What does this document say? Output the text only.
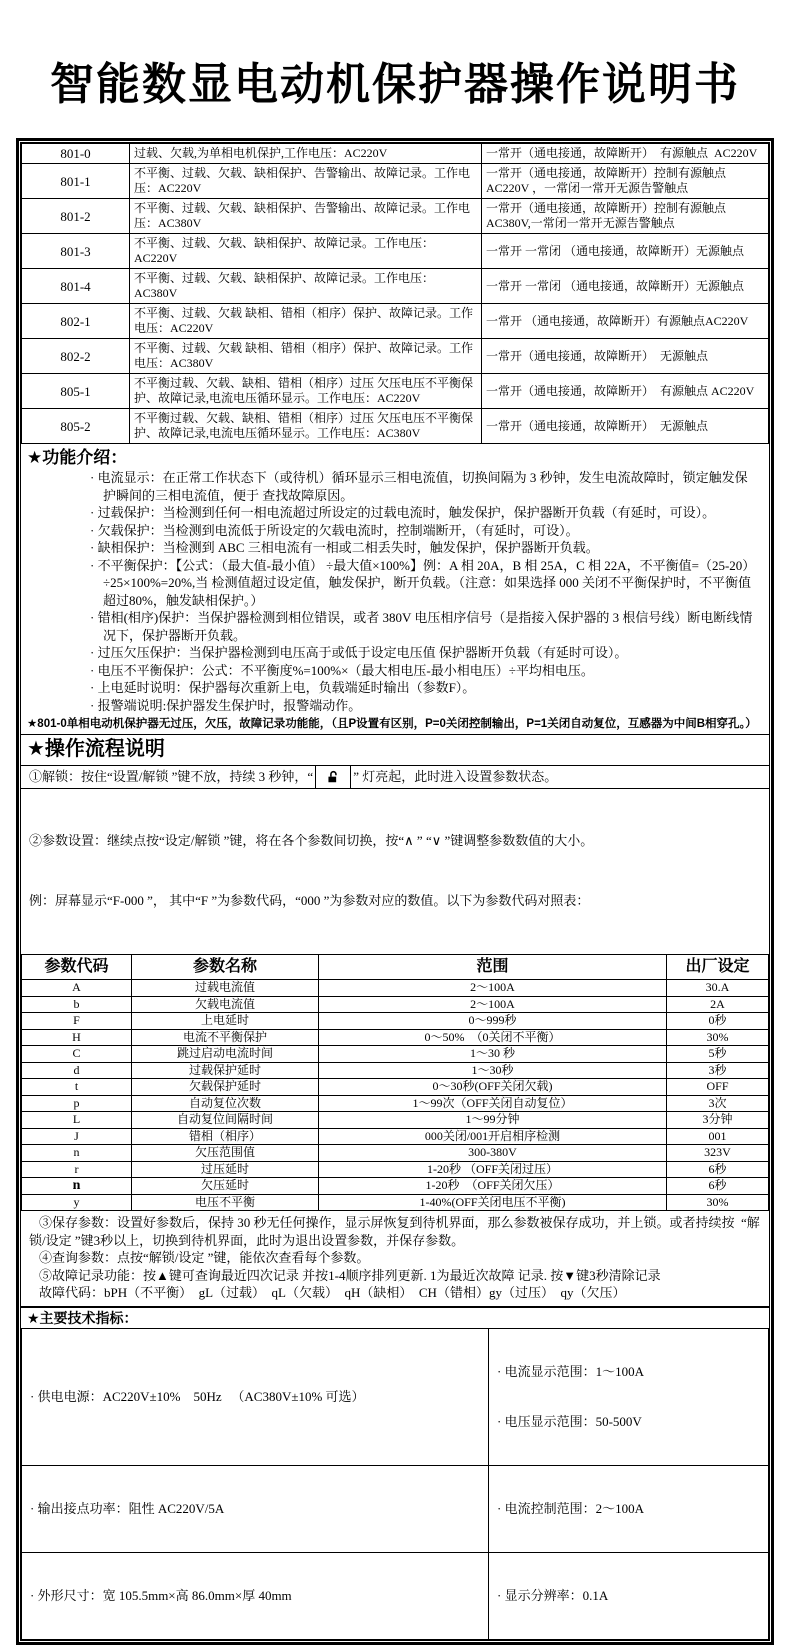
智能数显电动机保护器操作说明书
801-0	过载、欠载,为单相电机保护,工作电压：AC220V	一常开（通电接通，故障断开）  有源触点  AC220V
801-1	不平衡、过载、欠载、缺相保护、告警输出、故障记录。工作电压：AC220V	一常开（通电接通，故障断开）控制有源触点 AC220V ，一常闭一常开无源告警触点
801-2	不平衡、过载、欠载、缺相保护、告警输出、故障记录。工作电压：AC380V	一常开（通电接通，故障断开）控制有源触点 AC380V,一常闭一常开无源告警触点
801-3	不平衡、过载、欠载、缺相保护、故障记录。工作电压：AC220V	一常开 一常闭 （通电接通，故障断开）无源触点
801-4	不平衡、过载、欠载、缺相保护、故障记录。工作电压：AC380V	一常开 一常闭 （通电接通，故障断开）无源触点
802-1	不平衡、过载、欠载 缺相、错相（相序）保护、故障记录。工作电压：AC220V	一常开 （通电接通，故障断开）有源触点AC220V
802-2	不平衡、过载、欠载 缺相、错相（相序）保护、故障记录。工作电压：AC380V	一常开（通电接通，故障断开）  无源触点
805-1	不平衡过载、欠载、缺相、错相（相序）过压 欠压电压不平衡保护、故障记录,电流电压循环显示。工作电压：AC220V	一常开（通电接通，故障断开）  有源触点 AC220V
805-2	不平衡过载、欠载、缺相、错相（相序）过压 欠压电压不平衡保护、故障记录,电流电压循环显示。工作电压：AC380V	一常开（通电接通，故障断开）  无源触点
★功能介绍：
· 电流显示：在正常工作状态下（或待机）循环显示三相电流值，切换间隔为 3 秒钟，发生电流故障时，锁定触发保护瞬间的三相电流值，便于 查找故障原因。
· 过载保护：当检测到任何一相电流超过所设定的过载电流时，触发保护，保护器断开负载（有延时，可设）。
· 欠载保护：当检测到电流低于所设定的欠载电流时，控制端断开，（有延时，可设）。
· 缺相保护：当检测到 ABC 三相电流有一相或二相丢失时，触发保护，保护器断开负载。
· 不平衡保护：【公式：（最大值-最小值） ÷最大值×100%】例：A 相 20A，B 相 25A，C 相 22A，不平衡值=（25-20）÷25×100%=20%,当 检测值超过设定值，触发保护，断开负载。（注意：如果选择 000 关闭不平衡保护时，不平衡值超过80%，触发缺相保护。）
· 错相(相序)保护：当保护器检测到相位错误，或者 380V 电压相序信号（是指接入保护器的 3 根信号线）断电断线情况下，保护器断开负载。
· 过压欠压保护：当保护器检测到电压高于或低于设定电压值 保护器断开负载（有延时可设）。
· 电压不平衡保护：公式：不平衡度%=100%×（最大相电压-最小相电压）÷平均相电压。
· 上电延时说明：保护器每次重新上电，负载端延时输出（参数F）。
· 报警端说明:保护器发生保护时，报警端动作。
★801-0单相电动机保护器无过压，欠压，故障记录功能能，（且P设置有区别，P=0关闭控制输出，P=1关闭自动复位，互感器为中间B相穿孔。）
★操作流程说明
①解锁：按住“设置/解锁 ”键不放，持续 3 秒钟，“	” 灯亮起，此时进入设置参数状态。

②参数设置：继续点按“设定/解锁 ”键，将在各个参数间切换，按“∧ ” “∨ ”键调整参数数值的大小。

例：屏幕显示“F-000 ”， 其中“F ”为参数代码，“000 ”为参数对应的数值。以下为参数代码对照表：

参数代码	参数名称	范围	出厂设定
A	过载电流值	2～100A	30.A
b	欠载电流值	2～100A	2A
F	上电延时	0～999秒	0秒
H	电流不平衡保护	0～50%  （0关闭不平衡）	30%
C	跳过启动电流时间	1～30 秒	5秒
d	过载保护延时	1～30秒	3秒
t	欠载保护延时	0～30秒(OFF关闭欠载)	OFF
p	自动复位次数	1～99次（OFF关闭自动复位）	3次
L	自动复位间隔时间	1～99分钟	3分钟
J	错相（相序）	000关闭/001开启相序检测	001
n	欠压范围值	300-380V	323V
r	过压延时	1-20秒 （OFF关闭过压）	6秒
n	欠压延时	1-20秒  （OFF关闭欠压）	6秒
y	电压不平衡	1-40%(OFF关闭电压不平衡)	30%
③保存参数：设置好参数后，保持 30 秒无任何操作，显示屏恢复到待机界面，那么参数被保存成功，并上锁。或者持续按  “解锁/设定 ”键3秒以上，切换到待机界面，此时为退出设置参数，并保存参数。
④查询参数：点按“解锁/设定 ”键，能依次查看每个参数。
⑤故障记录功能：按▲键可查询最近四次记录 并按1-4顺序排列更新. 1为最近次故障 记录. 按▼键3秒清除记录
故障代码：bPH（不平衡）  gL（过载）  qL（欠载）  qH（缺相）  CH（错相）gy（过压）  qy（欠压）
★主要技术指标：

· 供电电源：AC220V±10%    50Hz   （AC380V±10% 可选）	· 电流显示范围：1～100A

· 电压显示范围：50-500V

· 输出接点功率：阻性 AC220V/5A	· 电流控制范围：2～100A

· 外形尺寸：宽 105.5mm×高 86.0mm×厚 40mm	· 显示分辨率：0.1A
